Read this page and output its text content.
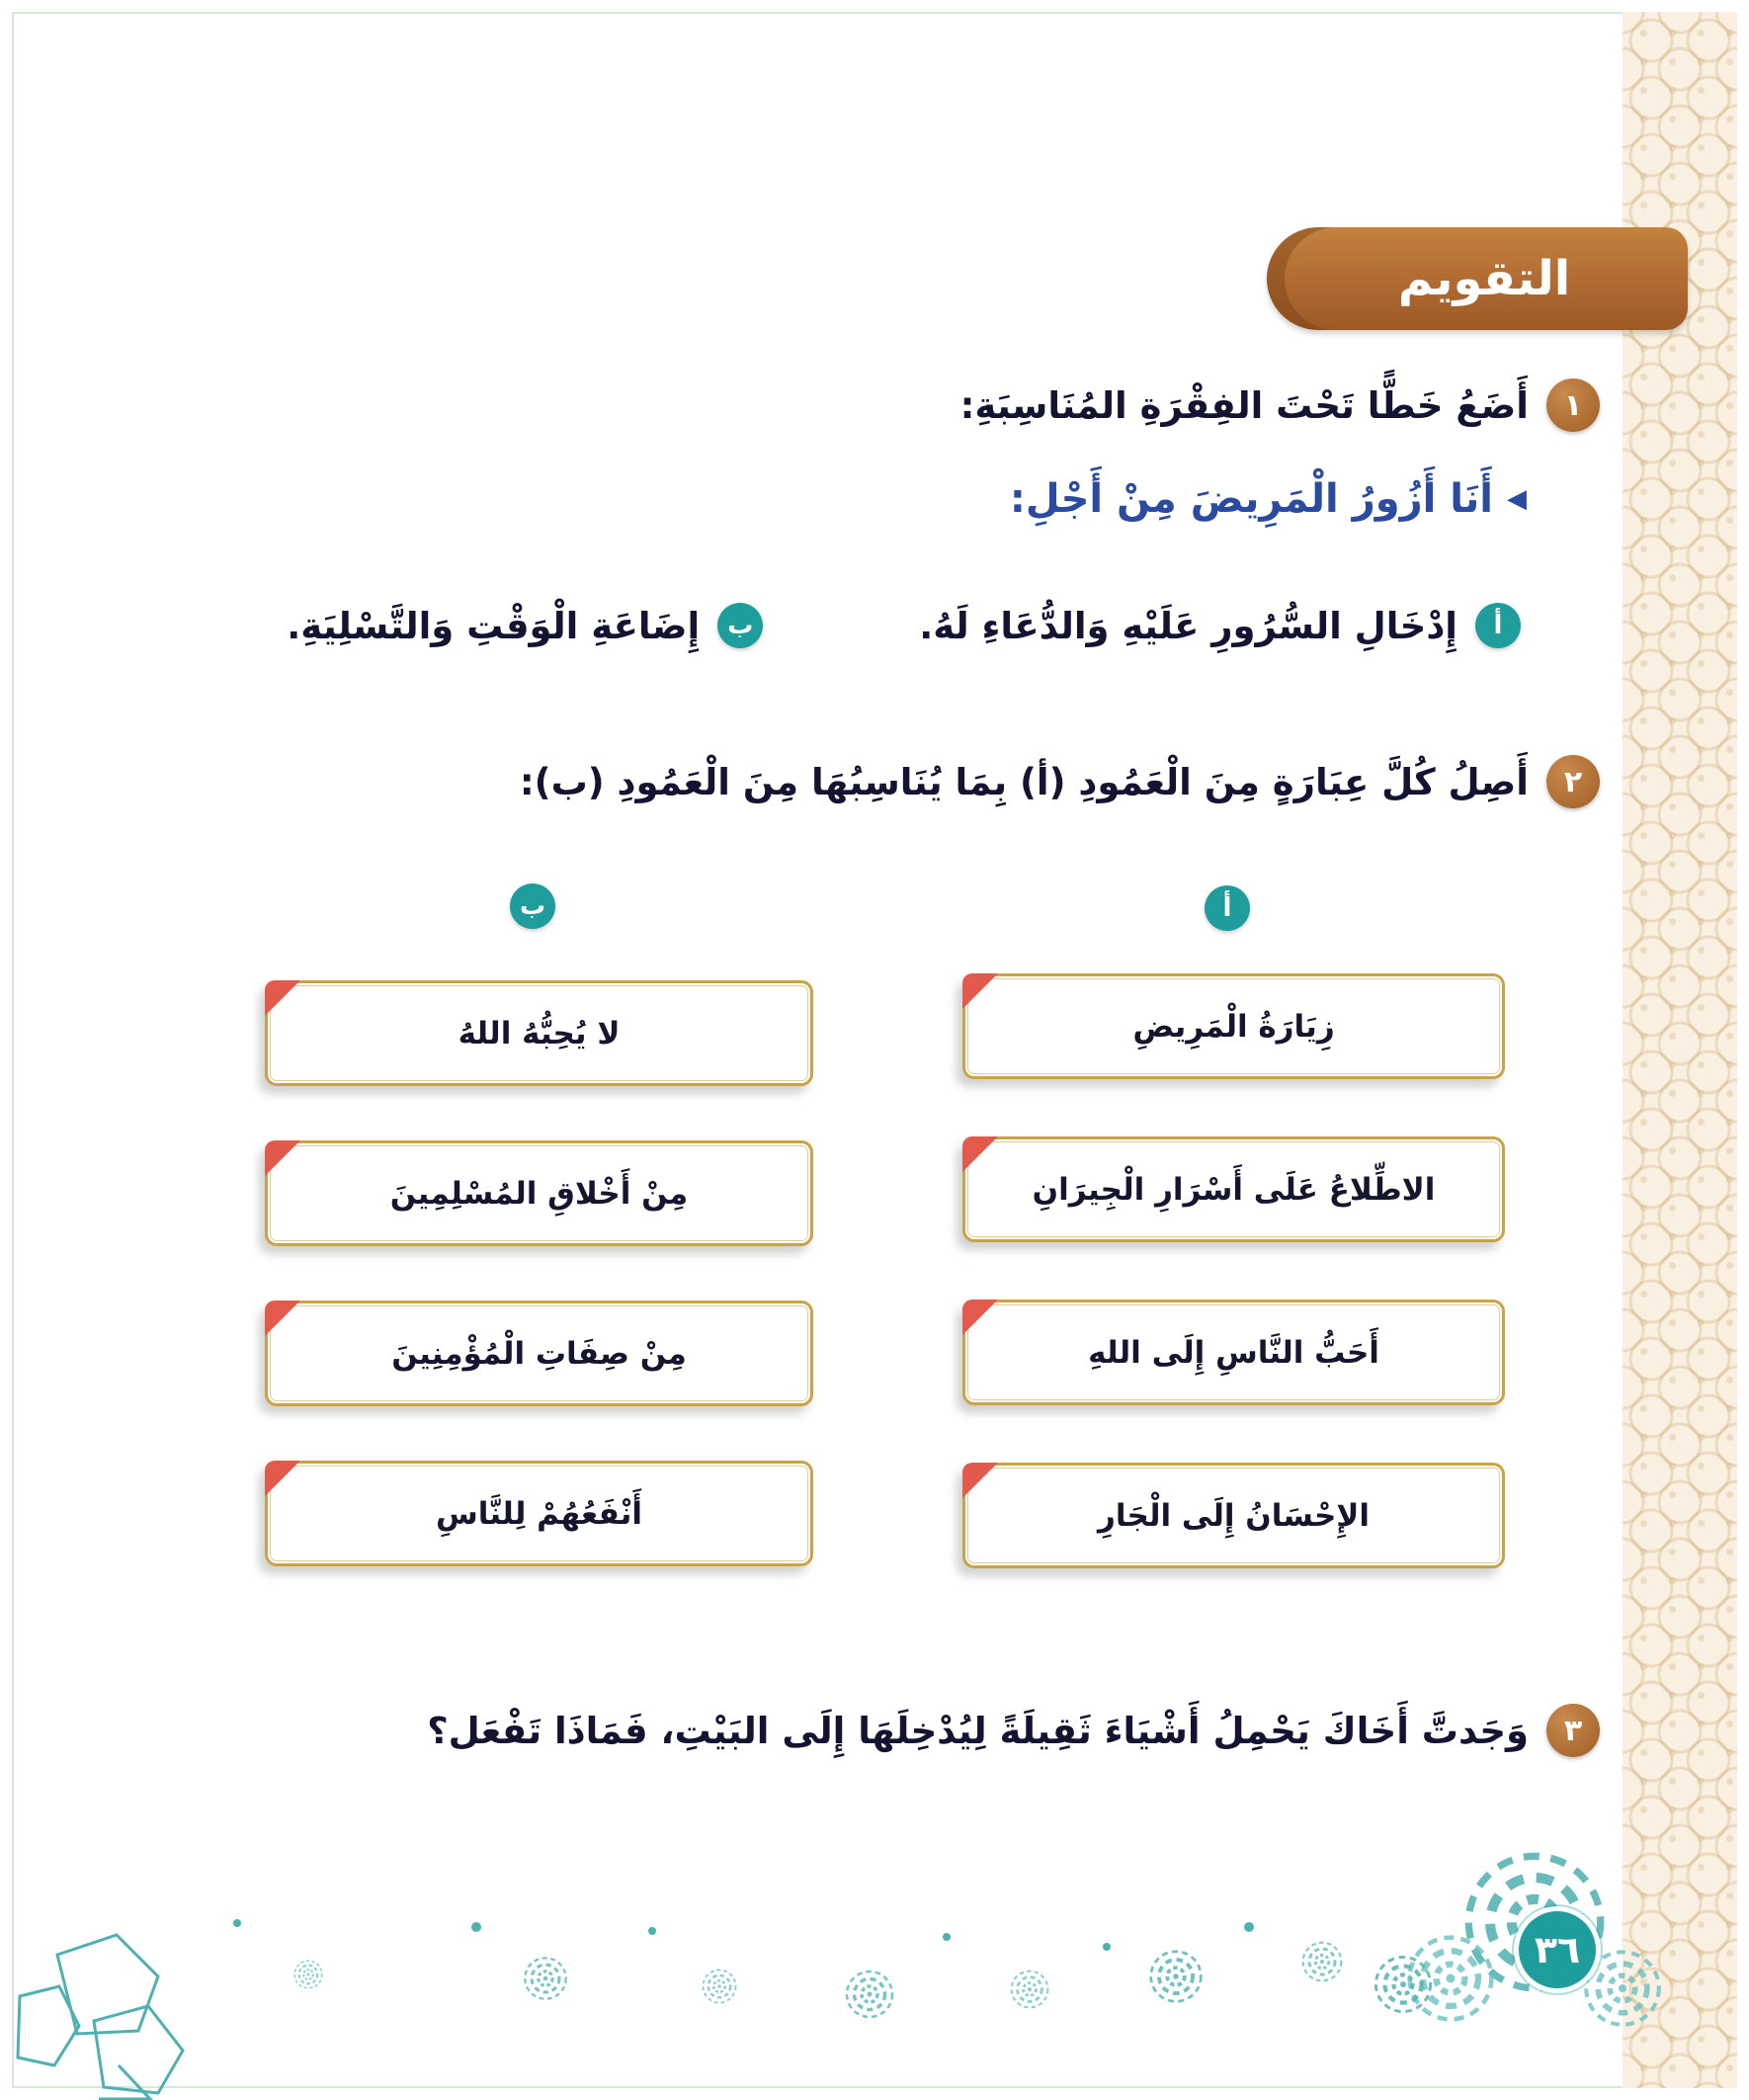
التقويم
١
أَضَعُ خَطًّا تَحْتَ الفِقْرَةِ المُنَاسِبَةِ:
◀
أَنَا أَزُورُ الْمَرِيضَ مِنْ أَجْلِ:
أ
إِدْخَالِ السُّرُورِ عَلَيْهِ وَالدُّعَاءِ لَهُ.
ب
إِضَاعَةِ الْوَقْتِ وَالتَّسْلِيَةِ.
٢
أَصِلُ كُلَّ عِبَارَةٍ مِنَ الْعَمُودِ (أ) بِمَا يُنَاسِبُهَا مِنَ الْعَمُودِ (ب):
أ
ب
زِيَارَةُ الْمَرِيضِ
الاطِّلاعُ عَلَى أَسْرَارِ الْجِيرَانِ
أَحَبُّ النَّاسِ إِلَى اللهِ
الإِحْسَانُ إِلَى الْجَارِ
لا يُحِبُّهُ اللهُ
مِنْ أَخْلاقِ المُسْلِمِينَ
مِنْ صِفَاتِ الْمُؤْمِنِينَ
أَنْفَعُهُمْ لِلنَّاسِ
٣
وَجَدتَّ أَخَاكَ يَحْمِلُ أَشْيَاءَ ثَقِيلَةً لِيُدْخِلَهَا إِلَى البَيْتِ، فَمَاذَا تَفْعَل؟
٣٦
